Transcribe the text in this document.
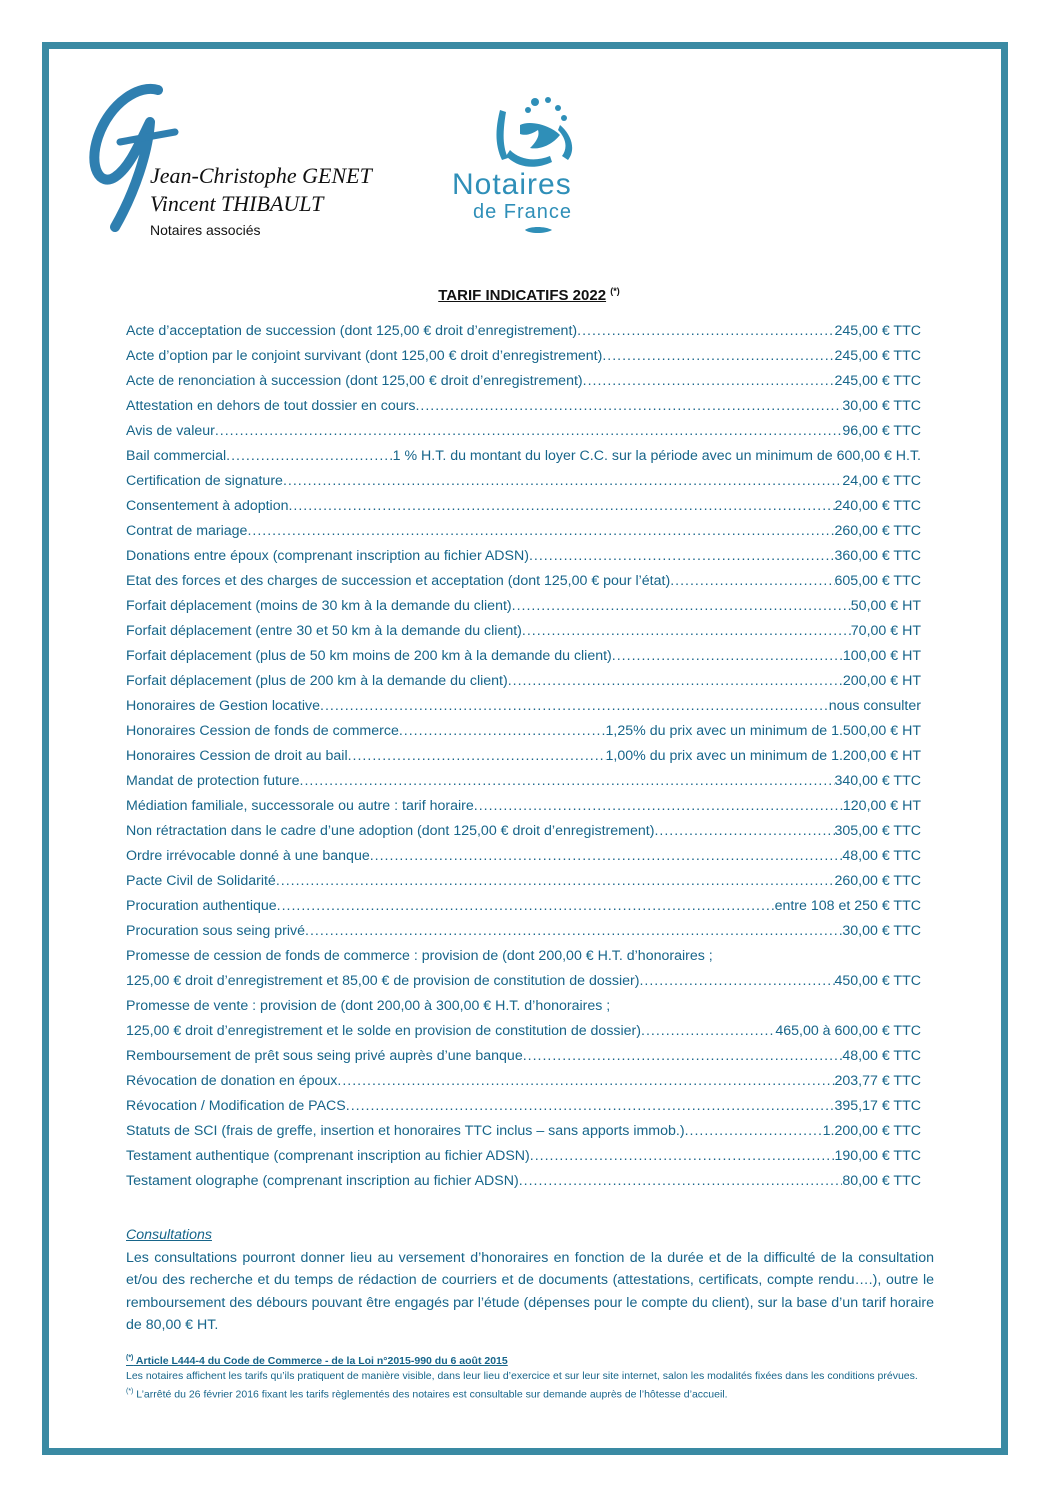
Jean-Christophe GENET
Vincent THIBAULT
Notaires associés
Notaires
de France
TARIF INDICATIFS 2022 (*)
Acte d’acceptation de succession (dont 125,00 € droit d’enregistrement) .....	245,00 € TTC
Acte d’option par le conjoint survivant (dont 125,00 € droit d’enregistrement) .....	245,00 € TTC
Acte de renonciation à succession (dont 125,00 € droit d’enregistrement) .....	245,00 € TTC
Attestation en dehors de tout dossier en cours .....	30,00 € TTC
Avis de valeur .....	96,00 € TTC
Bail commercial .....	1 % H.T. du montant du loyer C.C. sur la période avec un minimum de 600,00 € H.T.
Certification de signature .....	24,00 € TTC
Consentement à adoption .....	240,00 € TTC
Contrat de mariage .....	260,00 € TTC
Donations entre époux (comprenant inscription au fichier ADSN) .....	360,00 € TTC
Etat des forces et des charges de succession et acceptation (dont 125,00 € pour l’état) .....	605,00 € TTC
Forfait déplacement (moins de 30 km à la demande du client) .....	50,00 € HT
Forfait déplacement (entre 30 et 50 km à la demande du client) .....	70,00 € HT
Forfait déplacement (plus de 50 km moins de 200 km à la demande du client) .....	100,00 € HT
Forfait déplacement (plus de 200 km à la demande du client) .....	200,00 € HT
Honoraires de Gestion locative .....	nous consulter
Honoraires Cession de fonds de commerce .....	1,25% du prix avec un minimum de 1.500,00 € HT
Honoraires Cession de droit au bail .....	1,00% du prix avec un minimum de 1.200,00 € HT
Mandat de protection future .....	340,00 € TTC
Médiation familiale, successorale ou autre : tarif horaire .....	120,00 € HT
Non rétractation dans le cadre d’une adoption (dont 125,00 € droit d’enregistrement) .....	305,00 € TTC
Ordre irrévocable donné à une banque .....	48,00 € TTC
Pacte Civil de Solidarité .....	260,00 € TTC
Procuration authentique .....	entre 108 et 250 € TTC
Procuration sous seing privé .....	30,00 € TTC
Promesse de cession de fonds de commerce : provision de (dont 200,00 € H.T. d’honoraires ;
125,00 € droit d’enregistrement et 85,00 € de provision de constitution de dossier) .....	450,00 € TTC
Promesse de vente : provision de (dont 200,00 à 300,00 € H.T. d’honoraires ;
125,00 € droit d’enregistrement et le solde en provision de constitution de dossier) .....	465,00 à 600,00 € TTC
Remboursement de prêt sous seing privé auprès d’une banque .....	48,00 € TTC
Révocation de donation en époux .....	203,77 € TTC
Révocation / Modification de PACS .....	395,17 € TTC
Statuts de SCI (frais de greffe, insertion et honoraires TTC inclus – sans apports immob.) .....	1.200,00 € TTC
Testament authentique (comprenant inscription au fichier ADSN) .....	190,00 € TTC
Testament olographe (comprenant inscription au fichier ADSN) .....	80,00 € TTC
Consultations

Les consultations pourront donner lieu au versement d’honoraires en fonction de la durée et de la difficulté de la consultation et/ou des recherche et du temps de rédaction de courriers et de documents (attestations, certificats, compte rendu….), outre le remboursement des débours pouvant être engagés par l’étude (dépenses pour le compte du client), sur la base d’un tarif horaire de 80,00 € HT.

(*) Article L444-4 du Code de Commerce - de la Loi n°2015-990 du 6 août 2015

Les notaires affichent les tarifs qu’ils pratiquent de manière visible, dans leur lieu d’exercice et sur leur site internet, salon les modalités fixées dans les conditions prévues.

(*) L’arrêté du 26 février 2016 fixant les tarifs règlementés des notaires est consultable sur demande auprès de l’hôtesse d’accueil.
